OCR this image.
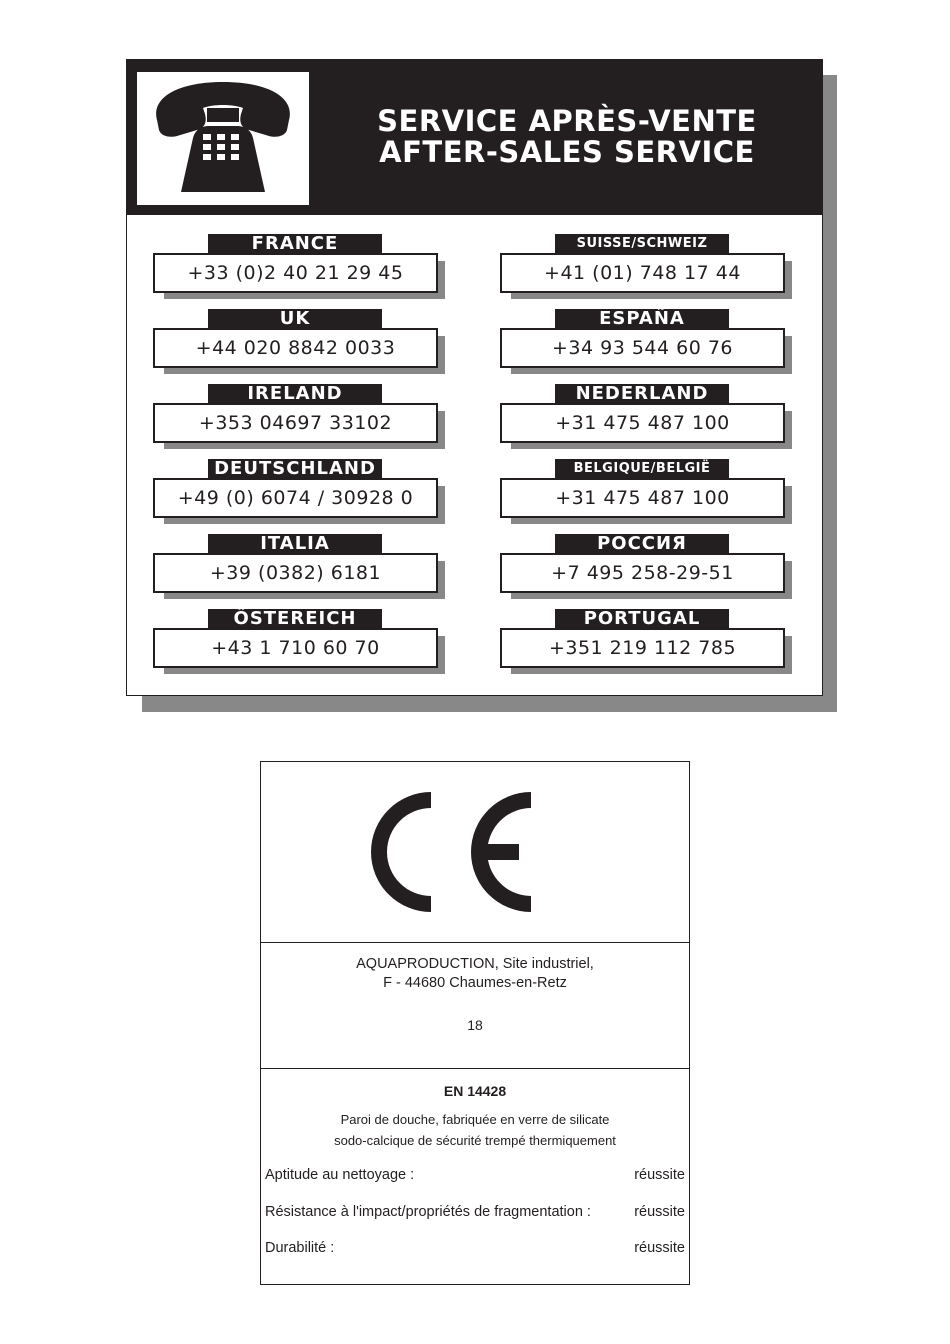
SERVICE APRÈS-VENTE
AFTER-SALES SERVICE
FRANCE
+33 (0)2 40 21 29 45
UK
+44 020 8842 0033
IRELAND
+353 04697 33102
DEUTSCHLAND
+49 (0) 6074 / 30928 0
ITALIA
+39 (0382) 6181
ÖSTEREICH
+43 1 710 60 70
SUISSE/SCHWEIZ
+41 (01) 748 17 44
ESPAÑA
+34 93 544 60 76
NEDERLAND
+31 475 487 100
BELGIQUE/BELGIË
+31 475 487 100
РОССИЯ
+7 495 258-29-51
PORTUGAL
+351 219 112 785
AQUAPRODUCTION, Site industriel,
F - 44680 Chaumes-en-Retz
18
EN 14428
Paroi de douche, fabriquée en verre de silicate
sodo-calcique de sécurité trempé thermiquement
Aptitude au nettoyage :	réussite
Résistance à l'impact/propriétés de fragmentation :	réussite
Durabilité :	réussite
